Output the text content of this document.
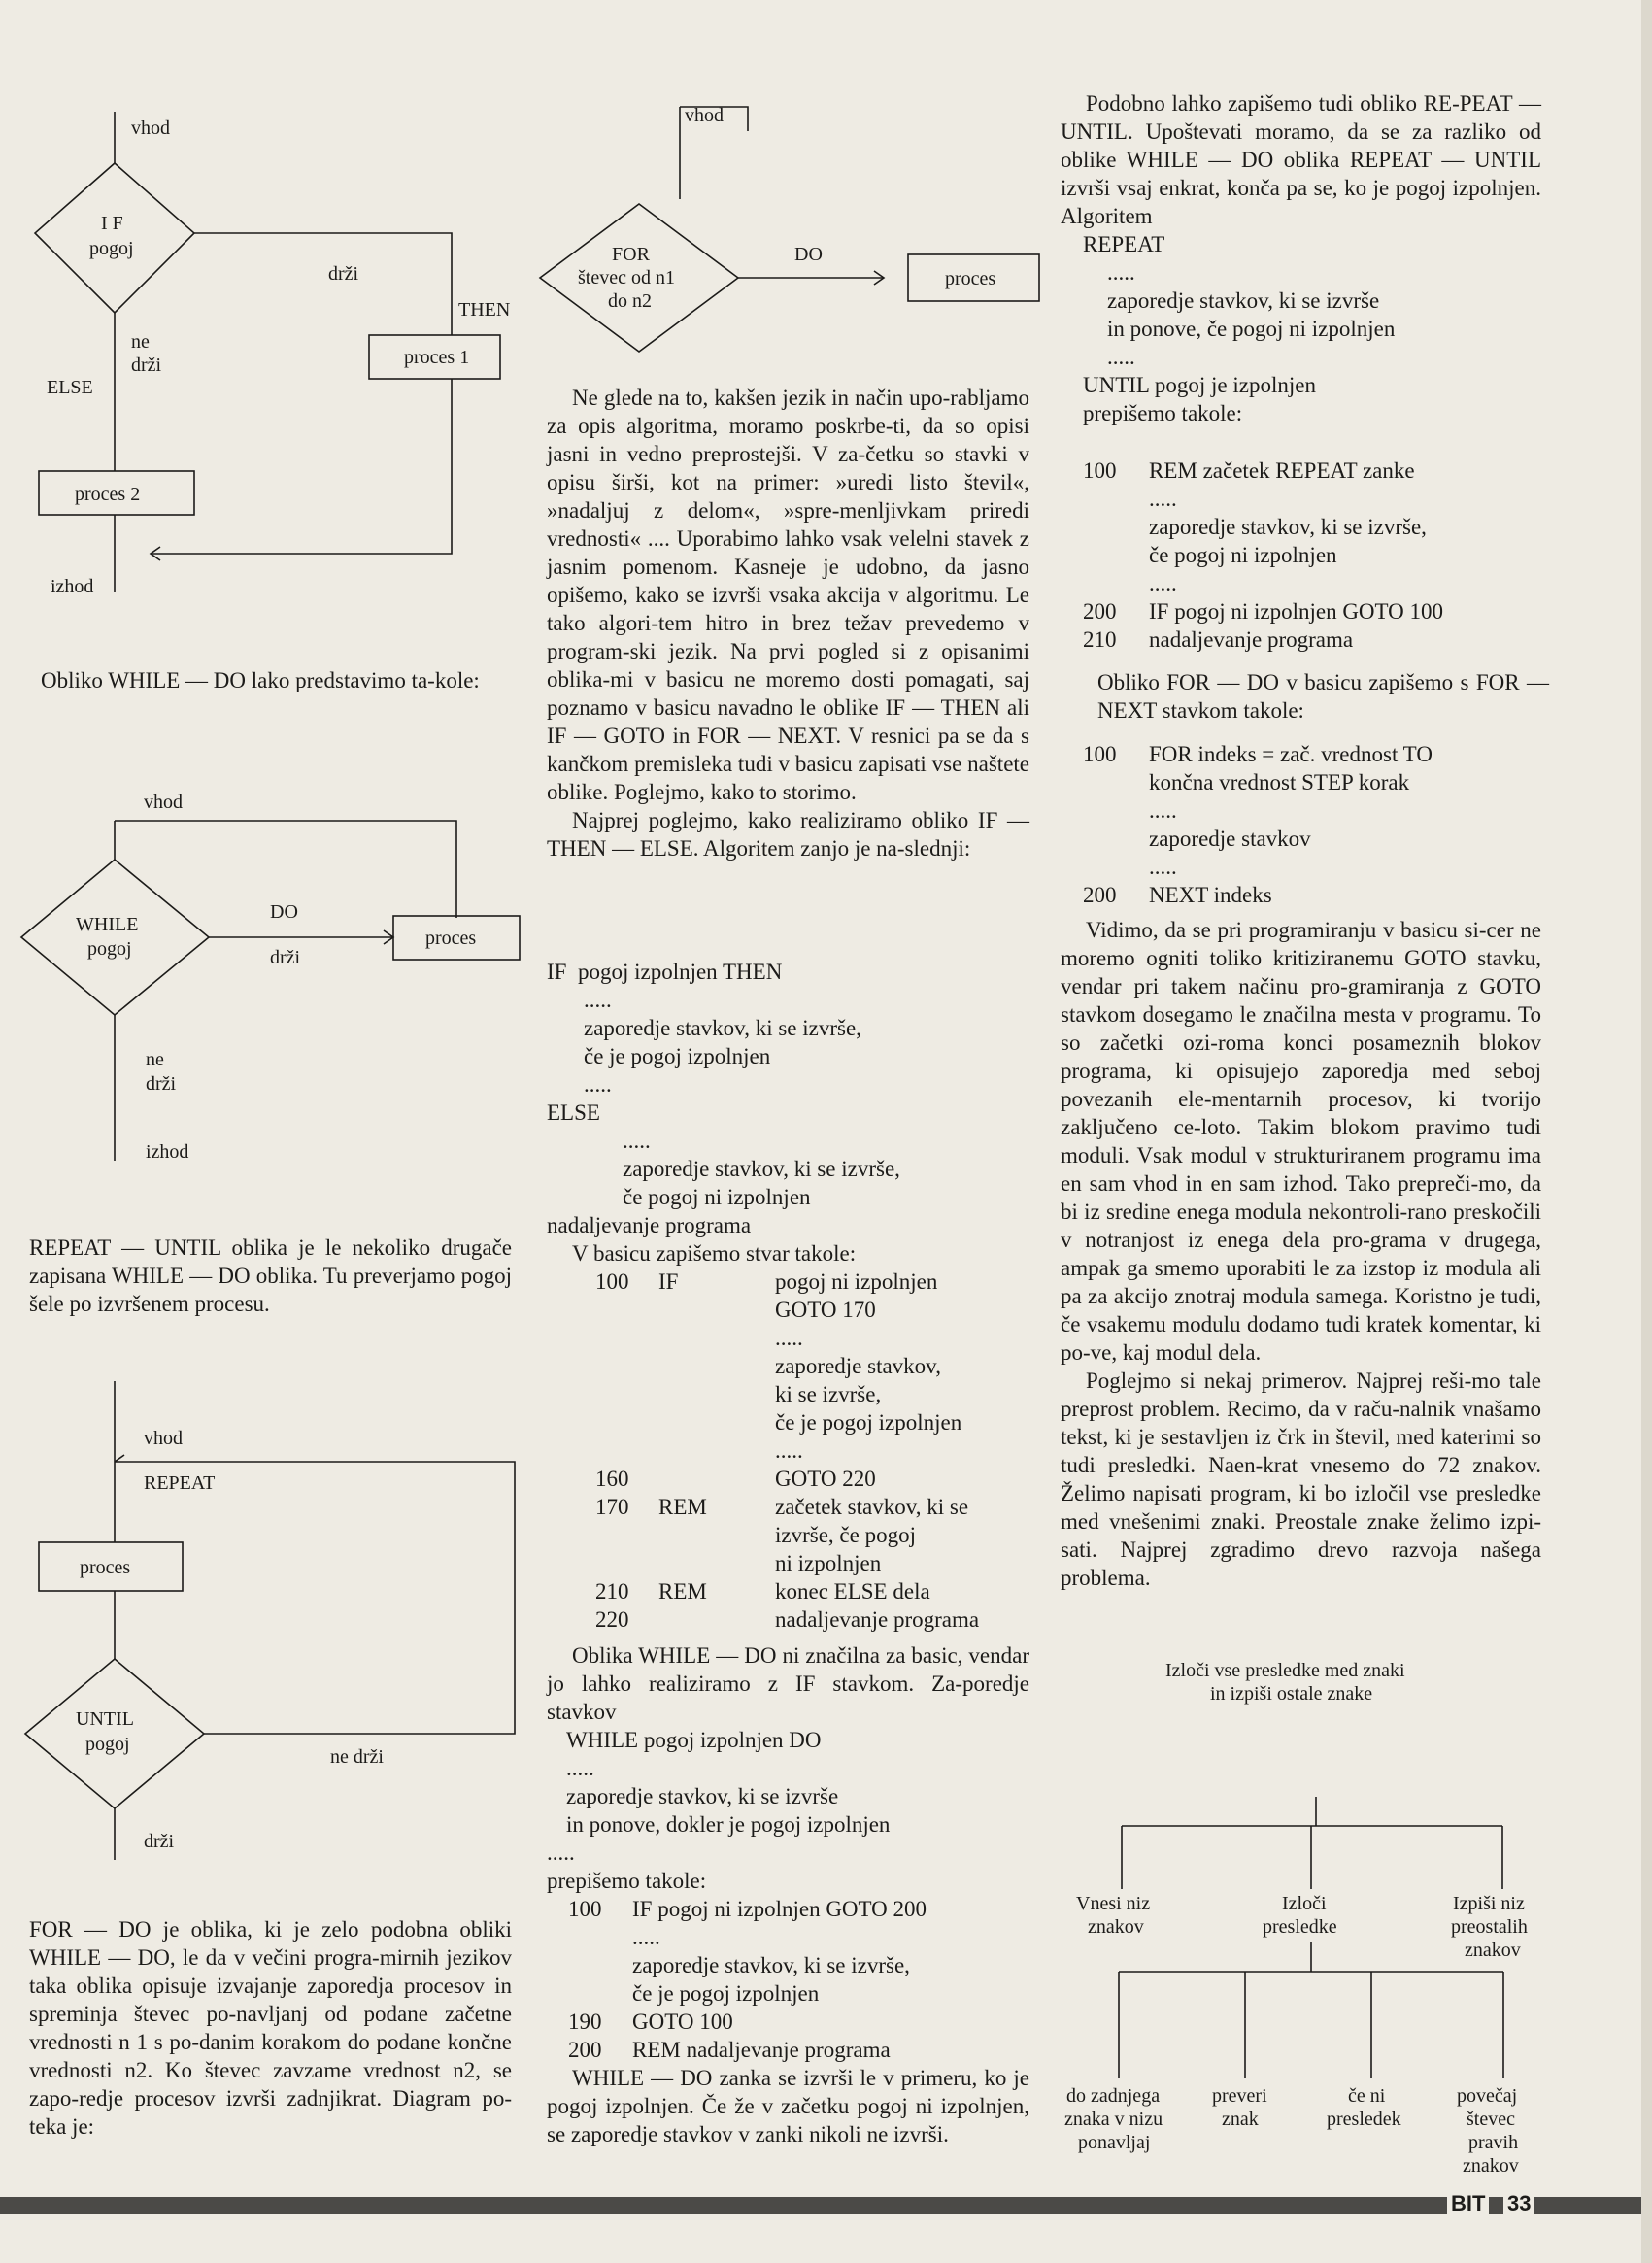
vhod
I F
pogoj
drži
THEN
proces 1
ne
drži
ELSE
proces 2
izhod
vhod
WHILE
pogoj
DO
drži
proces
ne
drži
izhod
vhod
REPEAT
proces
UNTIL
pogoj
ne drži
drži
vhod
FOR
števec od n1
do n2
DO
proces

Obliko WHILE — DO lako predstavimo ta-kole:

REPEAT — UNTIL oblika je le nekoliko drugače zapisana WHILE — DO oblika. Tu preverjamo pogoj šele po izvršenem procesu.

FOR — DO je oblika, ki je zelo podobna obliki WHILE — DO, le da v večini progra-mirnih jezikov taka oblika opisuje izvajanje zaporedja procesov in spreminja števec po-navljanj od podane začetne vrednosti n 1 s po-danim korakom do podane končne vrednosti n2. Ko števec zavzame vrednost n2, se zapo-redje procesov izvrši zadnjikrat. Diagram po-teka je:

Ne glede na to, kakšen jezik in način upo-rabljamo za opis algoritma, moramo poskrbe-ti, da so opisi jasni in vedno preprostejši. V za-četku so stavki v opisu širši, kot na primer: »uredi listo števil«, »nadaljuj z delom«, »spre-menljivkam priredi vrednosti« .... Uporabimo lahko vsak velelni stavek z jasnim pomenom. Kasneje je udobno, da jasno opišemo, kako se izvrši vsaka akcija v algoritmu. Le tako algori-tem hitro in brez težav prevedemo v program-ski jezik. Na prvi pogled si z opisanimi oblika-mi v basicu ne moremo dosti pomagati, saj poznamo v basicu navadno le oblike IF — THEN ali IF — GOTO in FOR — NEXT. V resnici pa se da s kančkom premisleka tudi v basicu zapisati vse naštete oblike. Poglejmo, kako to storimo.

Najprej poglejmo, kako realiziramo obliko IF — THEN — ELSE. Algoritem zanjo je na-slednji:

IF  pogoj izpolnjen THEN
.....
zaporedje stavkov, ki se izvrše,
če je pogoj izpolnjen
.....
ELSE
.....
zaporedje stavkov, ki se izvrše,
če pogoj ni izpolnjen
nadaljevanje programa
V basicu zapišemo stvar takole:
100 IF	pogoj ni izpolnjen
GOTO 170
.....
zaporedje stavkov,
ki se izvrše,
če je pogoj izpolnjen
.....
160	GOTO 220
170 REM	začetek stavkov, ki se
izvrše, če pogoj
ni izpolnjen
210 REM	konec ELSE dela
220	nadaljevanje programa

Oblika WHILE — DO ni značilna za basic, vendar jo lahko realiziramo z IF stavkom. Za-poredje stavkov

WHILE pogoj izpolnjen DO
.....
zaporedje stavkov, ki se izvrše
in ponove, dokler je pogoj izpolnjen
.....
prepišemo takole:
100 IF pogoj ni izpolnjen GOTO 200
.....
zaporedje stavkov, ki se izvrše,
če je pogoj izpolnjen
190 GOTO 100
200 REM nadaljevanje programa

WHILE — DO zanka se izvrši le v primeru, ko je pogoj izpolnjen. Če že v začetku pogoj ni izpolnjen, se zaporedje stavkov v zanki nikoli ne izvrši.

Podobno lahko zapišemo tudi obliko RE-PEAT — UNTIL. Upoštevati moramo, da se za razliko od oblike WHILE — DO oblika REPEAT — UNTIL izvrši vsaj enkrat, konča pa se, ko je pogoj izpolnjen. Algoritem

REPEAT
.....
zaporedje stavkov, ki se izvrše
in ponove, če pogoj ni izpolnjen
.....
UNTIL pogoj je izpolnjen
prepišemo takole:
100 REM začetek REPEAT zanke
.....
zaporedje stavkov, ki se izvrše,
če pogoj ni izpolnjen
.....
200 IF pogoj ni izpolnjen GOTO 100
210 nadaljevanje programa

Obliko FOR — DO v basicu zapišemo s FOR — NEXT stavkom takole:

100 FOR indeks = zač. vrednost TO
končna vrednost STEP korak
.....
zaporedje stavkov
.....
200 NEXT indeks

Vidimo, da se pri programiranju v basicu si-cer ne moremo ogniti toliko kritiziranemu GOTO stavku, vendar pri takem načinu pro-gramiranja z GOTO stavkom dosegamo le značilna mesta v programu. To so začetki ozi-roma konci posameznih blokov programa, ki opisujejo zaporedja med seboj povezanih ele-mentarnih procesov, ki tvorijo zaključeno ce-loto. Takim blokom pravimo tudi moduli. Vsak modul v strukturiranem programu ima en sam vhod in en sam izhod. Tako prepreči-mo, da bi iz sredine enega modula nekontroli-rano preskočili v notranjost iz enega dela pro-grama v drugega, ampak ga smemo uporabiti le za izstop iz modula ali pa za akcijo znotraj modula samega. Koristno je tudi, če vsakemu modulu dodamo tudi kratek komentar, ki po-ve, kaj modul dela.

Poglejmo si nekaj primerov. Najprej reši-mo tale preprost problem. Recimo, da v raču-nalnik vnašamo tekst, ki je sestavljen iz črk in števil, med katerimi so tudi presledki. Naen-krat vnesemo do 72 znakov. Želimo napisati program, ki bo izločil vse presledke med vnešenimi znaki. Preostale znake želimo izpi-sati. Najprej zgradimo drevo razvoja našega problema.

Izloči vse presledke med znaki
in izpiši ostale znake
Vnesi niz
znakov
Izloči
presledke
Izpiši niz
preostalih
znakov
do zadnjega
znaka v nizu
ponavljaj
preveri
znak
če ni
presledek
povečaj
števec
pravih
znakov
BIT 33
